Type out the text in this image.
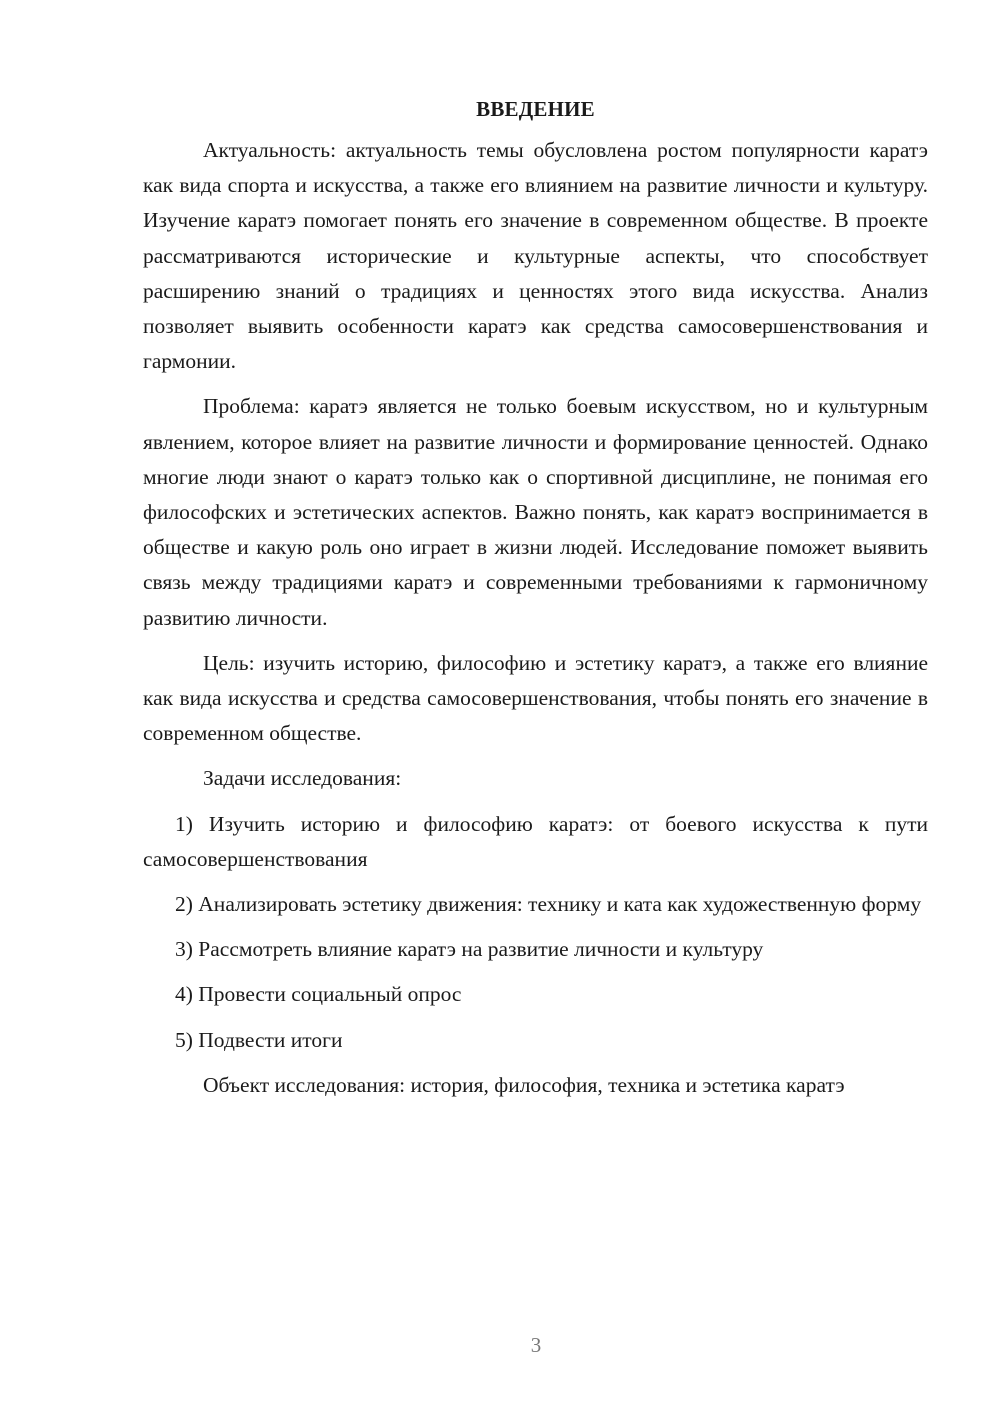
ВВЕДЕНИЕ

Актуальность: актуальность темы обусловлена ростом популярности каратэ как вида спорта и искусства, а также его влиянием на развитие личности и культуру. Изучение каратэ помогает понять его значение в современном обществе. В проекте рассматриваются исторические и культурные аспекты, что способствует расширению знаний о традициях и ценностях этого вида искусства. Анализ позволяет выявить особенности каратэ как средства самосовершенствования и гармонии.

Проблема: каратэ является не только боевым искусством, но и культурным явлением, которое влияет на развитие личности и формирование ценностей. Однако многие люди знают о каратэ только как о спортивной дисциплине, не понимая его философских и эстетических аспектов. Важно понять, как каратэ воспринимается в обществе и какую роль оно играет в жизни людей. Исследование поможет выявить связь между традициями каратэ и современными требованиями к гармоничному развитию личности.

Цель: изучить историю, философию и эстетику каратэ, а также его влияние как вида искусства и средства самосовершенствования, чтобы понять его значение в современном обществе.

Задачи исследования:

1) Изучить историю и философию каратэ: от боевого искусства к пути самосовершенствования

2) Анализировать эстетику движения: технику и ката как художественную форму

3) Рассмотреть влияние каратэ на развитие личности и культуру

4) Провести социальный опрос

5) Подвести итоги

Объект исследования: история, философия, техника и эстетика каратэ

3
